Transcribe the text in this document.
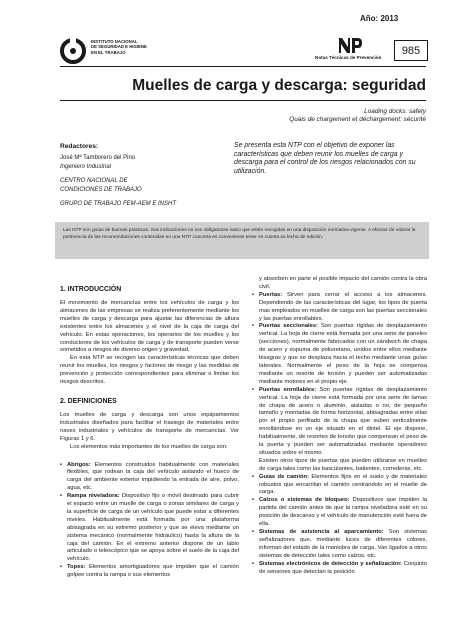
Año: 2013
INSTITUTO NACIONAL
DE SEGURIDAD E HIGIENE
EN EL TRABAJO
Notas Técnicas de Prevención
985
Muelles de carga y descarga: seguridad
Loading docks: safety
Quais de chargement et déchargement: sécurité
Redactores:
José Mª Tamborero del Pino
Ingeniero Industrial
CENTRO NACIONAL DE
CONDICIONES DE TRABAJO
GRUPO DE TRABAJO FEM-AEM E INSHT
Se presenta esta NTP con el objetivo de exponer las características que deben reunir los muelles de carga y descarga para el control de los riesgos relacionados con su utilización.
Las NTP son guías de buenas prácticas. Sus indicaciones no son obligatorias salvo que estén recogidas en una disposición normativa vigente. A efectos de valorar la pertinencia de las recomendaciones contenidas en una NTP concreta es conveniente tener en cuenta su fecha de edición.
1. INTRODUCCIÓN

El movimiento de mercancías entre los vehículos de carga y los almacenes de las empresas se realiza preferentemente mediante los muelles de carga y descarga para ajustar las diferencias de altura existentes entre los almacenes y el nivel de la caja de carga del vehículo. En estas operaciones, los operarios de los muelles y los conductores de los vehículos de carga y de transporte pueden verse sometidos a riesgos de diverso origen y gravedad.

En esta NTP se recogen las características técnicas que deben reunir los muelles, los riesgos y factores de riesgo y las medidas de prevención y protección correspondientes para eliminar o limitar los riesgos descritos.

2. DEFINICIONES

Los muelles de carga y descarga son unos equipamientos industriales diseñados para facilitar el trasiego de materiales entre naves industriales y vehículos de transporte de mercancías. Ver Figuras 1 y 6.

Los elementos más importantes de los muelles de carga son:

• Abrigos: Elementos construidos habitualmente con materiales flexibles, que rodean la caja del vehículo aislando el hueco de carga del ambiente exterior impidiendo la entrada de aire, polvo, agua, etc.
• Rampa niveladora: Dispositivo fijo o móvil destinado para cubrir el espacio entre un muelle de carga o zonas similares de carga y la superficie de carga de un vehículo que puede estar a diferentes niveles. Habitualmente está formada por una plataforma abisagrada en su extremo posterior y que se eleva mediante un sistema mecánico (normalmente hidráulico) hasta la altura de la caja del camión. En el extremo anterior dispone de un labio articulado o telescópico que se apoya sobre el suelo de la caja del vehículo.
• Topes: Elementos amortiguadores que impiden que el camión golpee contra la rampa o sus elementos

y absorben en parte el posible impacto del camión contra la obra civil.

• Puertas: Sirven para cerrar el acceso a los almacenes. Dependiendo de las características del lugar, los tipos de puerta mas empleados en muelles de carga son las puertas seccionales y las puertas enrollables.
• Puertas seccionales: Son puertas rígidas de desplazamiento vertical. La hoja de cierre está formada por una serie de paneles (secciones), normalmente fabricados con un sándwich de chapa de acero y espuma de poliuretano, unidos entre ellos mediante bisagras y que se desplaza hacia el techo mediante unas guías laterales. Normalmente el peso de la hoja se compensa mediante un resorte de torsión y pueden ser automatizadas mediante motores en el propio eje.
• Puertas enrollables: Son puertas rígidas de desplazamiento vertical. La hoja de cierre está formada por una serie de lamas de chapa de acero o aluminio, aisladas o no, de pequeño tamaño y montadas de forma horizontal, abisagradas entre ellas por el propio perfilado de la chapa que suben verticalmente enrollándose en un eje situado en el dintel. El eje dispone, habitualmente, de resortes de torsión que compensan el peso de la puerta y pueden ser automatizadas mediante operadores situados sobre el mismo.

Existen otros tipos de puertas que pueden utilizarse en muelles de carga tales como las basculantes, batientes, correderas, etc.

• Guías de camión: Elementos fijos en el suelo y de materiales robustos que encarrilan el camión centrándolo en el muelle de carga.
• Calzos o sistemas de bloqueo: Dispositivos que impiden la partida del camión antes de que la rampa niveladora esté en su posición de descanso y el vehículo de manutención esté fuera de ella.
• Sistemas de asistencia al aparcamiento: Son sistemas señalizadores que, mediante luces de diferentes colores, informan del estado de la maniobra de carga. Van ligados a otros sistemas de detección tales como calzos, etc.
• Sistemas electrónicos de detección y señalización: Conjunto de sensores que detectan la posición
